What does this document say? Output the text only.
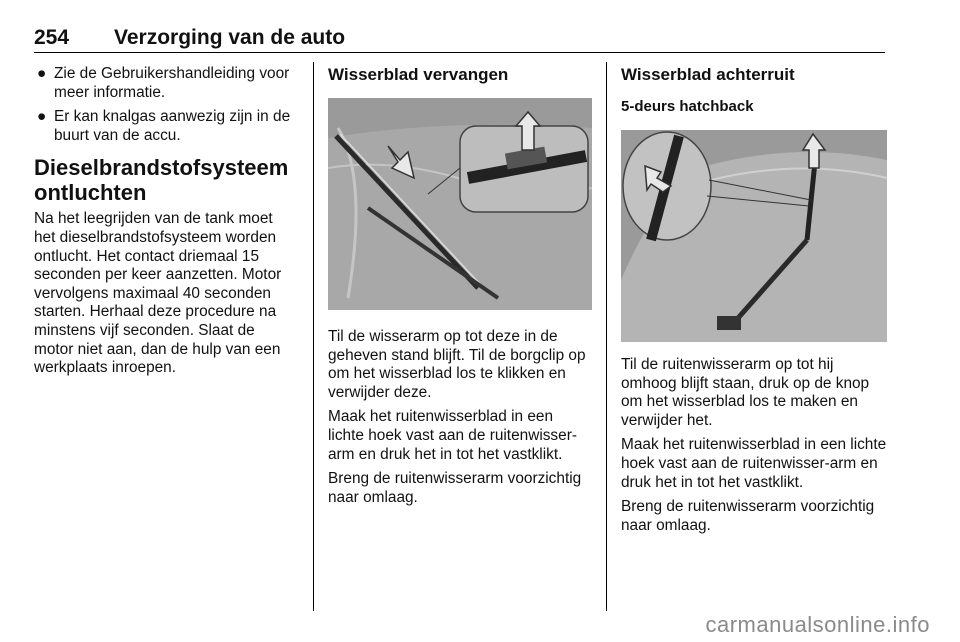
254 Verzorging van de auto
● Zie de Gebruikershandleiding voor meer informatie.
● Er kan knalgas aanwezig zijn in de buurt van de accu.
Dieselbrandstofsysteem ontluchten

Na het leegrijden van de tank moet het dieselbrandstofsysteem worden ontlucht. Het contact driemaal 15 seconden per keer aanzetten. Motor vervolgens maximaal 40 seconden starten. Herhaal deze procedure na minstens vijf seconden. Slaat de motor niet aan, dan de hulp van een werkplaats inroepen.

Wisserblad vervangen

Til de wisserarm op tot deze in de geheven stand blijft. Til de borgclip op om het wisserblad los te klikken en verwijder deze.

Maak het ruitenwisserblad in een lichte hoek vast aan de ruitenwisser-arm en druk het in tot het vastklikt.

Breng de ruitenwisserarm voorzichtig naar omlaag.

Wisserblad achterruit
5-deurs hatchback

Til de ruitenwisserarm op tot hij omhoog blijft staan, druk op de knop om het wisserblad los te maken en verwijder het.

Maak het ruitenwisserblad in een lichte hoek vast aan de ruitenwisser-arm en druk het in tot het vastklikt.

Breng de ruitenwisserarm voorzichtig naar omlaag.

carmanualsonline.info
